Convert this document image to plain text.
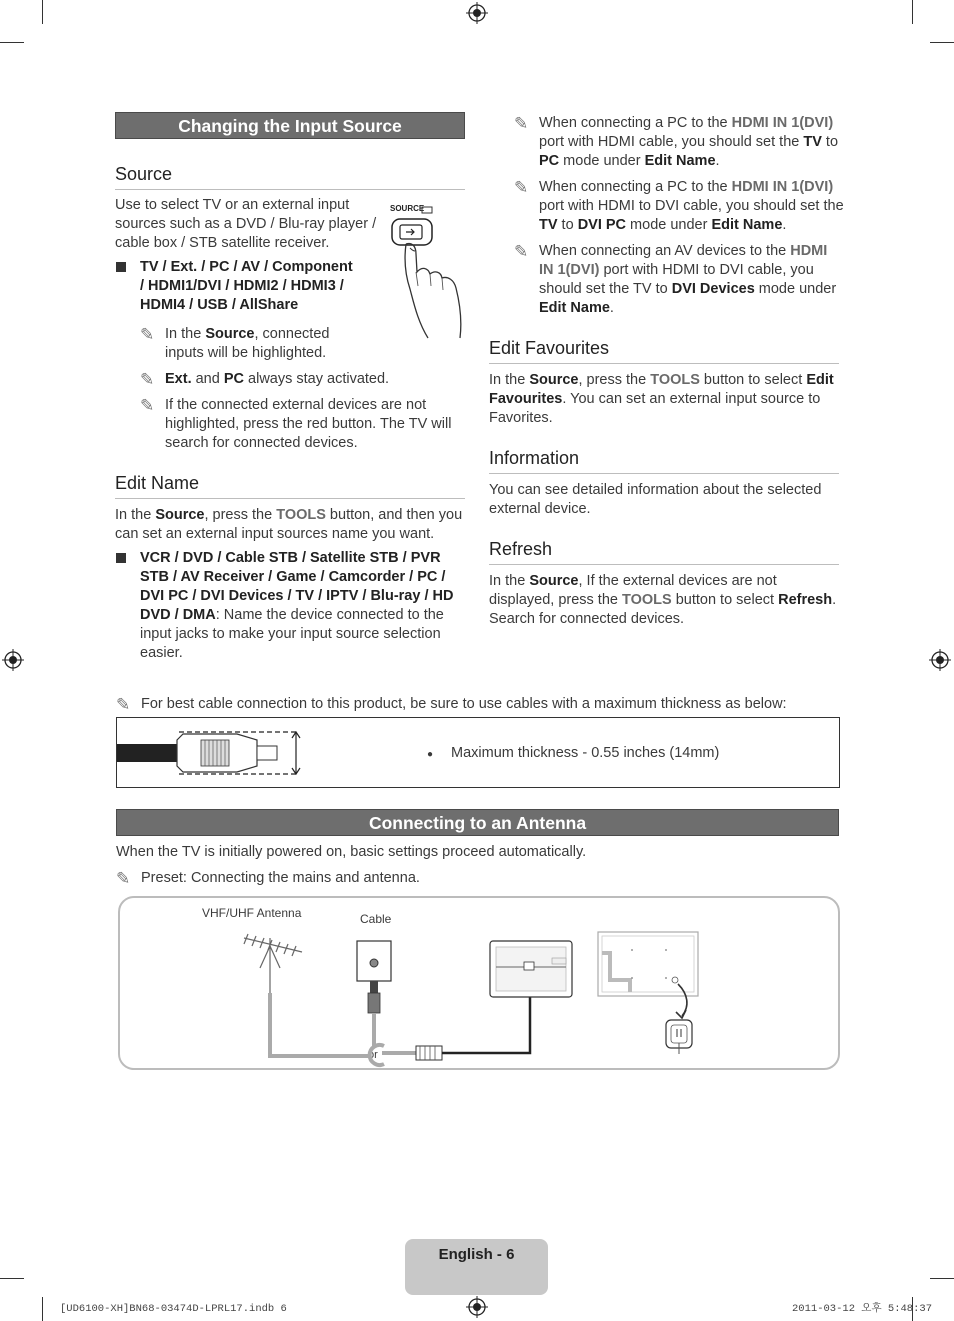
Changing the Input Source
Source

Use to select TV or an external input sources such as a DVD / Blu-ray player / cable box / STB satellite receiver.

SOURCE
TV / Ext. / PC / AV / Component
/ HDMI1/DVI / HDMI2 / HDMI3 /
HDMI4 / USB / AllShare
✎ In the Source, connected inputs will be highlighted.
✎ Ext. and PC always stay activated.
✎ If the connected external devices are not highlighted, press the red button. The TV will search for connected devices.
Edit Name

In the Source, press the TOOLS button, and then you can set an external input sources name you want.

VCR / DVD / Cable STB / Satellite STB / PVR STB / AV Receiver / Game / Camcorder / PC / DVI PC / DVI Devices / TV / IPTV / Blu-ray / HD DVD / DMA: Name the device connected to the input jacks to make your input source selection easier.

✎ When connecting a PC to the HDMI IN 1(DVI) port with HDMI cable, you should set the TV to PC mode under Edit Name.
✎ When connecting a PC to the HDMI IN 1(DVI) port with HDMI to DVI cable, you should set the TV to DVI PC mode under Edit Name.
✎ When connecting an AV devices to the HDMI IN 1(DVI) port with HDMI to DVI cable, you should set the TV to DVI Devices mode under Edit Name.
Edit Favourites

In the Source, press the TOOLS button to select Edit Favourites. You can set an external input source to Favorites.

Information

You can see detailed information about the selected external device.

Refresh

In the Source, If the external devices are not displayed, press the TOOLS button to select Refresh. Search for connected devices.

✎ For best cable connection to this product, be sure to use cables with a maximum thickness as below:
● Maximum thickness - 0.55 inches (14mm)
Connecting to an Antenna

When the TV is initially powered on, basic settings proceed automatically.

✎ Preset: Connecting the mains and antenna.
VHF/UHF Antenna	Cable
or
English - 6
[UD6100-XH]BN68-03474D-LPRL17.indb 6	2011-03-12 오후 5:48:37
